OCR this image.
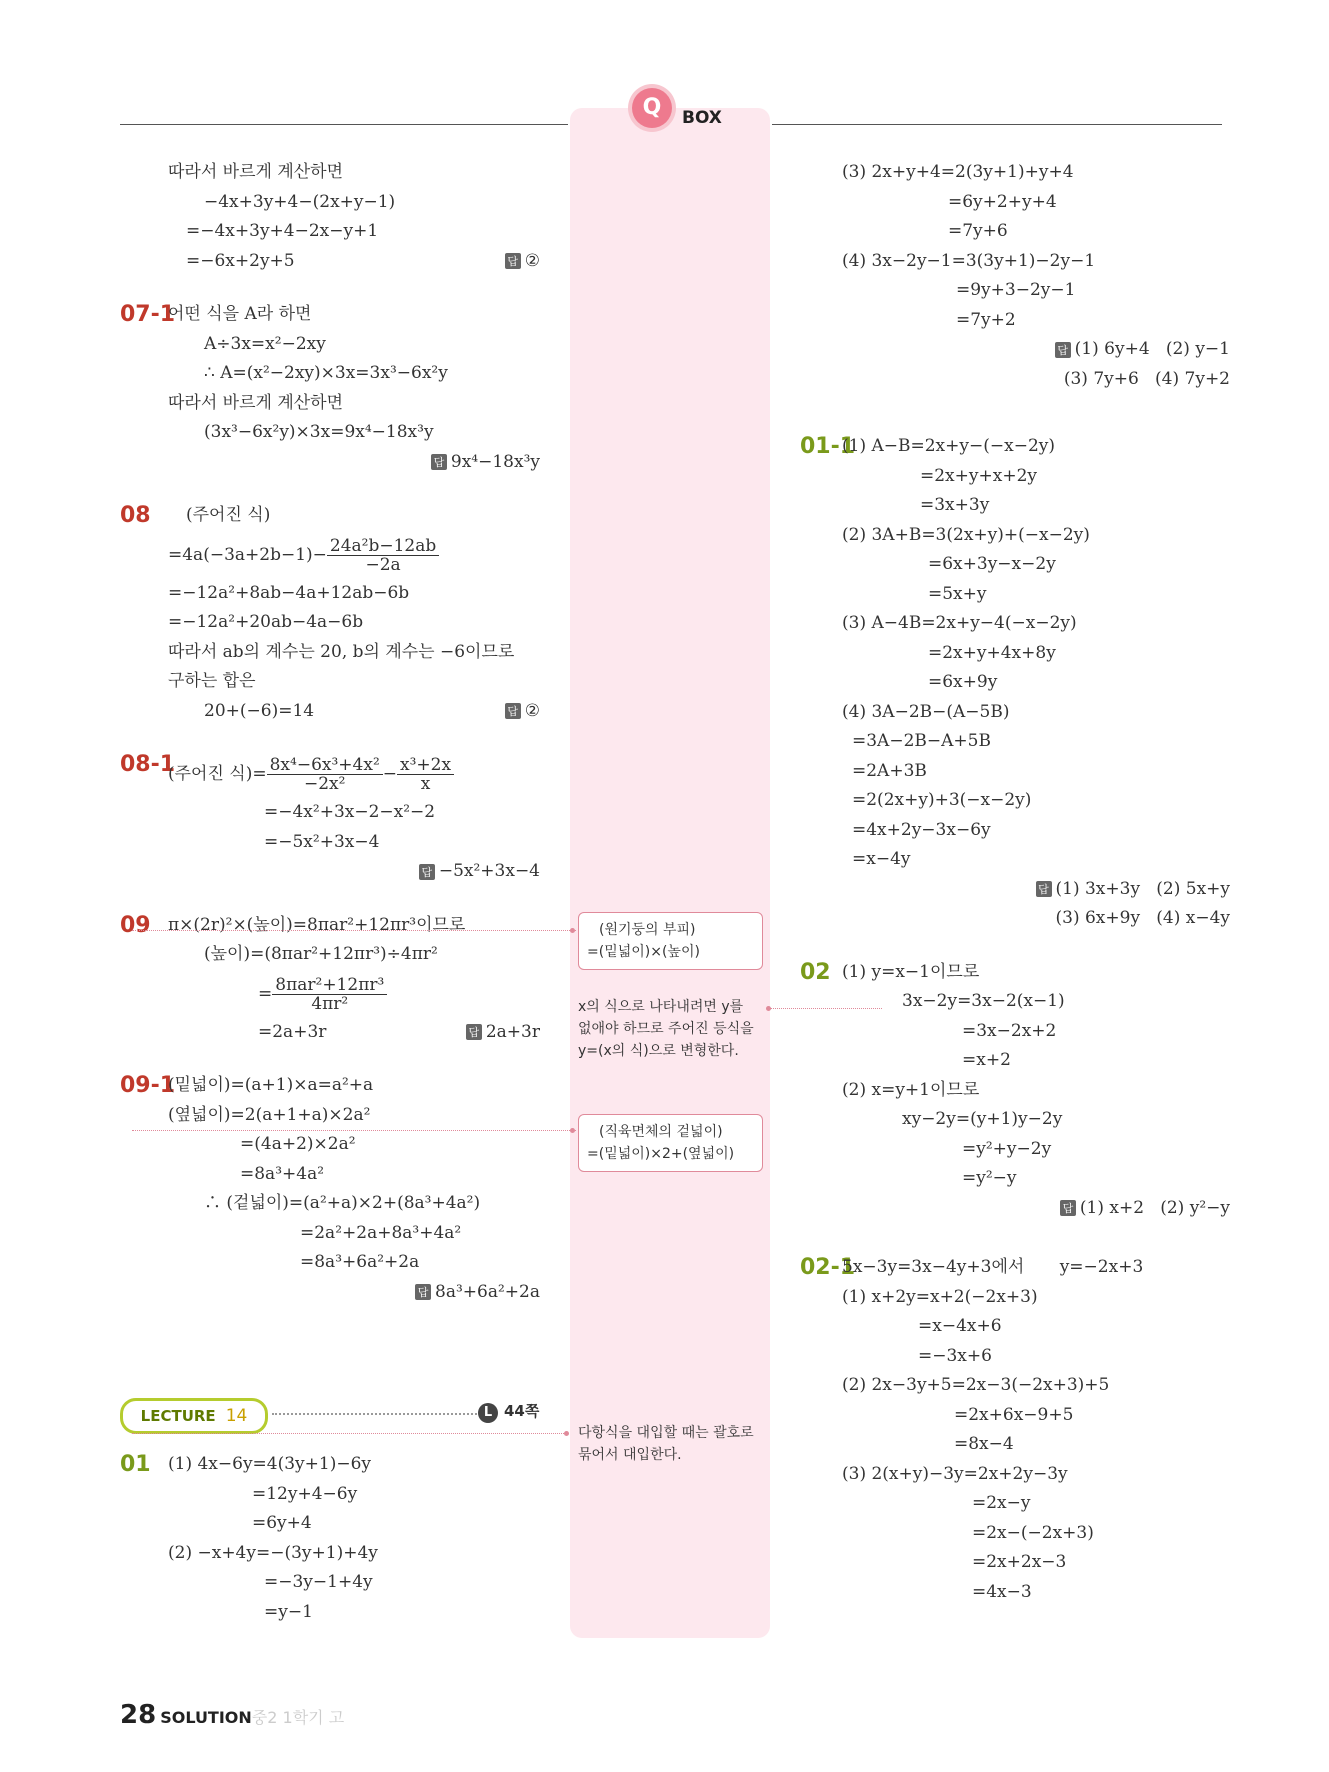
Q	BOX
따라서 바르게 계산하면
−4x+3y+4−(2x+y−1)
=−4x+3y+4−2x−y+1
=−6x+2y+5	답 ②
07-1
어떤 식을 A라 하면
A÷3x=x²−2xy
∴ A=(x²−2xy)×3x=3x³−6x²y
따라서 바르게 계산하면
(3x³−6x²y)×3x=9x⁴−18x³y
답 9x⁴−18x³y
08	(주어진 식)
$=4a(-3a+2b-1)- \frac{\text{24a²b−12ab}}{-2a}$
=−12a²+8ab−4a+12ab−6b
=−12a²+20ab−4a−6b
따라서 ab의 계수는 20, b의 계수는 −6이므로
구하는 합은
20+(−6)=14	답 ②
08-1
(주어진 식)= $\frac{\text{8x⁴−6x³+4x²}}{\text{−2x²}} - \frac{\text{x³+2x}}{x}$
=−4x²+3x−2−x²−2
=−5x²+3x−4
답 −5x²+3x−4
09 π×(2r)²×(높이)=8πar²+12πr³이므로
(높이)=(8πar²+12πr³)÷4πr²
= $\frac{\text{8πar²+12πr³}}{\text{4πr²}}$
=2a+3r	답 2a+3r
09-1
(밑넓이)=(a+1)×a=a²+a
(옆넓이)=2(a+1+a)×2a²
=(4a+2)×2a²
=8a³+4a²
∴ (겉넓이)=(a²+a)×2+(8a³+4a²)
=2a²+2a+8a³+4a²
=8a³+6a²+2a
답 8a³+6a²+2a
LECTURE 14	L 44쪽
01 (1) 4x−6y=4(3y+1)−6y
=12y+4−6y
=6y+4
(2) −x+4y=−(3y+1)+4y
=−3y−1+4y
=y−1
(원기둥의 부피)
=(밑넓이)×(높이)
x의 식으로 나타내려면 y를 없애야 하므로 주어진 등식을 y=(x의 식)으로 변형한다.
(직육면체의 겉넓이)
=(밑넓이)×2+(옆넓이)
다항식을 대입할 때는 괄호로 묶어서 대입한다.
(3) 2x+y+4=2(3y+1)+y+4
=6y+2+y+4
=7y+6
(4) 3x−2y−1=3(3y+1)−2y−1
=9y+3−2y−1
=7y+2
답 (1) 6y+4   (2) y−1
(3) 7y+6   (4) 7y+2
01-1
(1) A−B=2x+y−(−x−2y)
=2x+y+x+2y
=3x+3y
(2) 3A+B=3(2x+y)+(−x−2y)
=6x+3y−x−2y
=5x+y
(3) A−4B=2x+y−4(−x−2y)
=2x+y+4x+8y
=6x+9y
(4) 3A−2B−(A−5B)
=3A−2B−A+5B
=2A+3B
=2(2x+y)+3(−x−2y)
=4x+2y−3x−6y
=x−4y
답 (1) 3x+3y   (2) 5x+y
(3) 6x+9y   (4) x−4y
02 (1) y=x−1이므로
3x−2y=3x−2(x−1)
=3x−2x+2
=x+2
(2) x=y+1이므로
xy−2y=(y+1)y−2y
=y²+y−2y
=y²−y
답 (1) x+2   (2) y²−y
02-1
5x−3y=3x−4y+3에서 y=−2x+3
(1) x+2y=x+2(−2x+3)
=x−4x+6
=−3x+6
(2) 2x−3y+5=2x−3(−2x+3)+5
=2x+6x−9+5
=8x−4
(3) 2(x+y)−3y=2x+2y−3y
=2x−y
=2x−(−2x+3)
=2x+2x−3
=4x−3
28 SOLUTION중2 1학기 고
